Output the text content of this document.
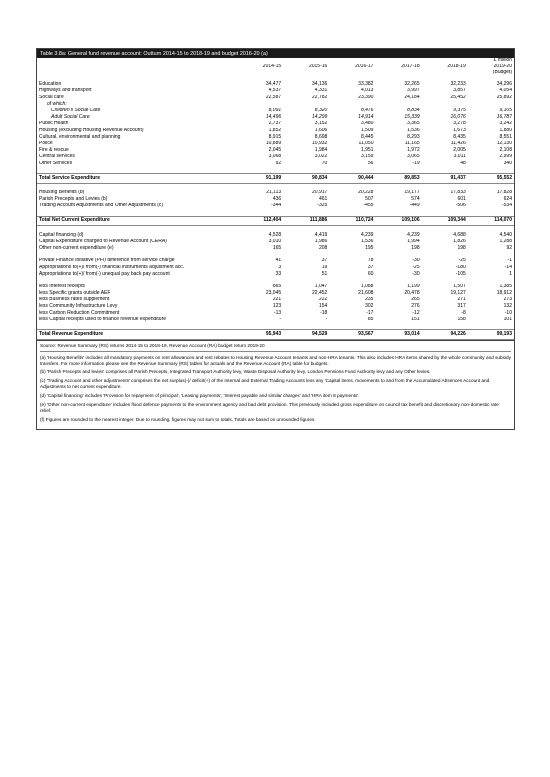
Table 3.8a: General fund revenue account: Outturn 2014-15 to 2018-19 and budget 2016-20 (a)
						£ million
	2014-15	2015-16	2016-17	2017-18	2018-19	2019-20
						(Budget)

Education	34,477	34,136	33,382	32,265	32,233	34,296
Highways and transport	4,537	4,331	4,013	3,997	3,857	4,054
Social care	22,587	22,782	23,390	24,184	25,452	25,892
of which:						
Children's Social Care	8,091	8,320	8,476	8,834	9,375	9,105
Adult Social Care	14,496	14,299	14,914	15,339	16,076	16,787
Public Health	2,737	3,152	3,480	3,365	3,278	3,242
Housing (excluding Housing Revenue Account)	1,852	1,606	1,509	1,536	1,673	1,880
Cultural, environmental and planning	8,915	8,698	8,445	8,293	8,435	8,551
Police	10,889	10,932	11,050	11,165	11,426	12,130
Fire & rescue	2,045	1,984	1,951	1,972	2,005	2,108
Central services	3,068	3,022	3,159	3,065	3,011	2,999
Other Services	92	70	56	-19	48	340

Total Service Expenditure	91,199	90,834	90,444	89,853	91,437	95,552

Housing Benefits (b)	21,113	20,917	20,228	19,177	17,833	17,828
Parish Precepts and Levies (b)	436	461	507	574	601	624
Trading Account Adjustments and Other Adjustments (c)	-344	-325	-455	-449	-506	-534

Total Net Current Expenditure	112,404	111,886	110,724	109,106	109,344	114,070

Capital financing (d)	4,528	4,419	4,239	4,239	4,688	4,540
Capital Expenditure charged to Revenue Account (CERA)	3,010	1,986	1,536	1,994	1,826	1,288
Other non-current expenditure (e)	165	208	195	198	198	92

Private Finance Initiative (PFI) difference from service charge	41	37	78	-30	-25	-1
Appropriations to(+)/ from(-) financial instruments adjustment acc.	3	19	37	-25	-180	-14
Appropriations to(+)/ from(-) unequal pay back pay account	33	51	60	-30	-105	1

less Interest receipts	865	1,047	1,088	1,199	1,507	1,385
less Specific grants outside AEF	23,045	22,452	21,608	20,478	19,127	18,912
less Business rates supplement	221	222	235	265	271	273
less Community Infrastructure Levy	123	154	302	276	317	132
less Carbon Reduction Commitment	-13	-18	-17	-12	-8	-10
less Capital receipts used to finance revenue expenditure	-	-	85	151	158	101

Total Revenue Expenditure	95,943	94,529	93,567	93,014	94,226	99,193

Source: Revenue Summary (RS) returns 2014-15 to 2018-19, Revenue Account (RA) budget return 2019-20

(a) 'Housing Benefits' includes all mandatory payments on rent allowances and rent rebates to Housing Revenue Account tenants and non-HRA tenants. This also includes HRA items shared by the whole community and subsidy transfers. For more information please see the Revenue Summary (RS) tables for actuals and the Revenue Account (RA) table for budgets.

(b) 'Parish Precepts and levies' comprises all Parish Precepts, Integrated Transport Authority levy, Waste Disposal Authority levy, London Pensions Fund Authority levy and any Other levies.

(c) 'Trading Account and other adjustments' comprises the net surplus(-)/ deficit(+) of the Internal and External Trading Accounts less any 'Capital items, movements to and from the Accumulated Absences Account and Adjustments to net current expenditure.

(d) 'Capital financing' includes 'Provision for repayment of principal', 'Leasing payments', 'Interest payable and similar charges' and 'HRA item 8 payments'.

(e) 'Other non-current expenditure' includes flood defence payments to the environment agency and bad debt provision. This previously included gross expenditure on council tax benefit and discretionary non-domestic rate relief.

(f) Figures are rounded to the nearest integer. Due to rounding, figures may not sum to totals. Totals are based on unrounded figures.
